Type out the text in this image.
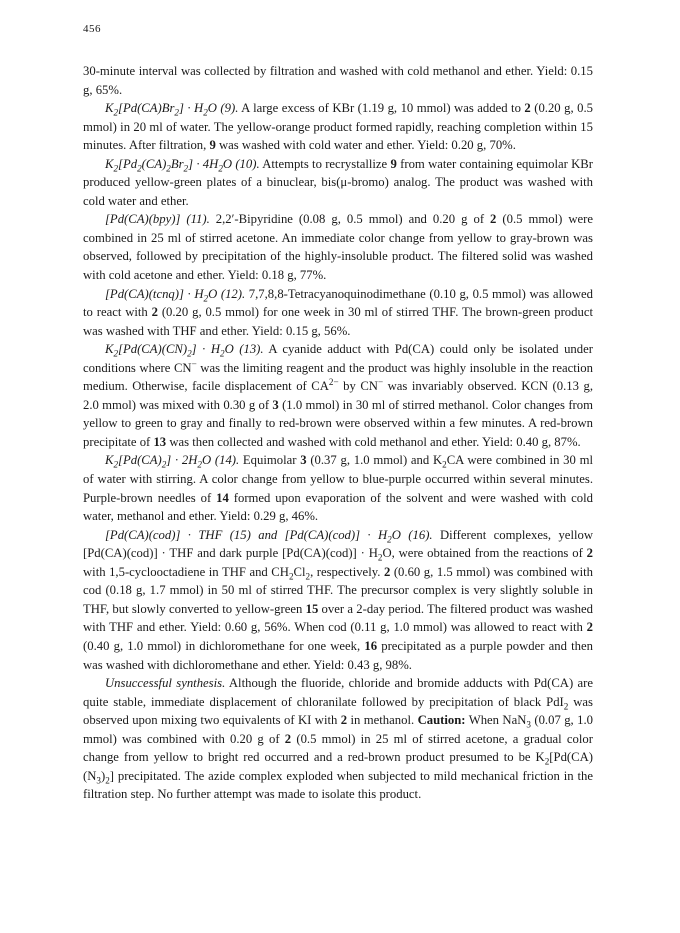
456

30-minute interval was collected by filtration and washed with cold methanol and ether. Yield: 0.15 g, 65%.

$K_2[Pd(CA)Br_2] \cdot H_2O$ (9). A large excess of KBr (1.19 g, 10 mmol) was added to 2 (0.20 g, 0.5 mmol) in 20 ml of water. The yellow-orange product formed rapidly, reaching completion within 15 minutes. After filtration, 9 was washed with cold water and ether. Yield: 0.20 g, 70%.

$K_2[Pd_2(CA)_2Br_2] \cdot 4H_2O$ (10). Attempts to recrystallize 9 from water containing equimolar KBr produced yellow-green plates of a binuclear, bis(μ-bromo) analog. The product was washed with cold water and ether.

[Pd(CA)(bpy)] (11). 2,2′-Bipyridine (0.08 g, 0.5 mmol) and 0.20 g of 2 (0.5 mmol) were combined in 25 ml of stirred acetone. An immediate color change from yellow to gray-brown was observed, followed by precipitation of the highly-insoluble product. The filtered solid was washed with cold acetone and ether. Yield: 0.18 g, 77%.

[Pd(CA)(tcnq)] · $H_2O$ (12). 7,7,8,8-Tetracyanoquinodimethane (0.10 g, 0.5 mmol) was allowed to react with 2 (0.20 g, 0.5 mmol) for one week in 30 ml of stirred THF. The brown-green product was washed with THF and ether. Yield: 0.15 g, 56%.

$K_2[Pd(CA)(CN)_2] \cdot H_2O$ (13). A cyanide adduct with Pd(CA) could only be isolated under conditions where CN− was the limiting reagent and the product was highly insoluble in the reaction medium. Otherwise, facile displacement of $CA^{2-}$ by CN− was invariably observed. KCN (0.13 g, 2.0 mmol) was mixed with 0.30 g of 3 (1.0 mmol) in 30 ml of stirred methanol. Color changes from yellow to green to gray and finally to red-brown were observed within a few minutes. A red-brown precipitate of 13 was then collected and washed with cold methanol and ether. Yield: 0.40 g, 87%.

$K_2[Pd(CA)_2] \cdot 2H_2O$ (14). Equimolar 3 (0.37 g, 1.0 mmol) and $K_2CA$ were combined in 30 ml of water with stirring. A color change from yellow to blue-purple occurred within several minutes. Purple-brown needles of 14 formed upon evaporation of the solvent and were washed with cold water, methanol and ether. Yield: 0.29 g, 46%.

[Pd(CA)(cod)] · THF (15) and $[Pd(CA)(cod)] \cdot H_2O$ (16). Different complexes, yellow [Pd(CA)(cod)] · THF and dark purple $[Pd(CA)(cod)] \cdot H_2O$, were obtained from the reactions of 2 with 1,5-cyclooctadiene in THF and $CH_2Cl_2$, respectively. 2 (0.60 g, 1.5 mmol) was combined with cod (0.18 g, 1.7 mmol) in 50 ml of stirred THF. The precursor complex is very slightly soluble in THF, but slowly converted to yellow-green 15 over a 2-day period. The filtered product was washed with THF and ether. Yield: 0.60 g, 56%. When cod (0.11 g, 1.0 mmol) was allowed to react with 2 (0.40 g, 1.0 mmol) in dichloromethane for one week, 16 precipitated as a purple powder and then was washed with dichloromethane and ether. Yield: 0.43 g, 98%.

Unsuccessful synthesis. Although the fluoride, chloride and bromide adducts with Pd(CA) are quite stable, immediate displacement of chloranilate followed by precipitation of black PdI$_2$ was observed upon mixing two equivalents of KI with 2 in methanol. Caution: When NaN$_3$ (0.07 g, 1.0 mmol) was combined with 0.20 g of 2 (0.5 mmol) in 25 ml of stirred acetone, a gradual color change from yellow to bright red occurred and a red-brown product presumed to be $K_2[Pd(CA)(N_3)_2]$ precipitated. The azide complex exploded when subjected to mild mechanical friction in the filtration step. No further attempt was made to isolate this product.
